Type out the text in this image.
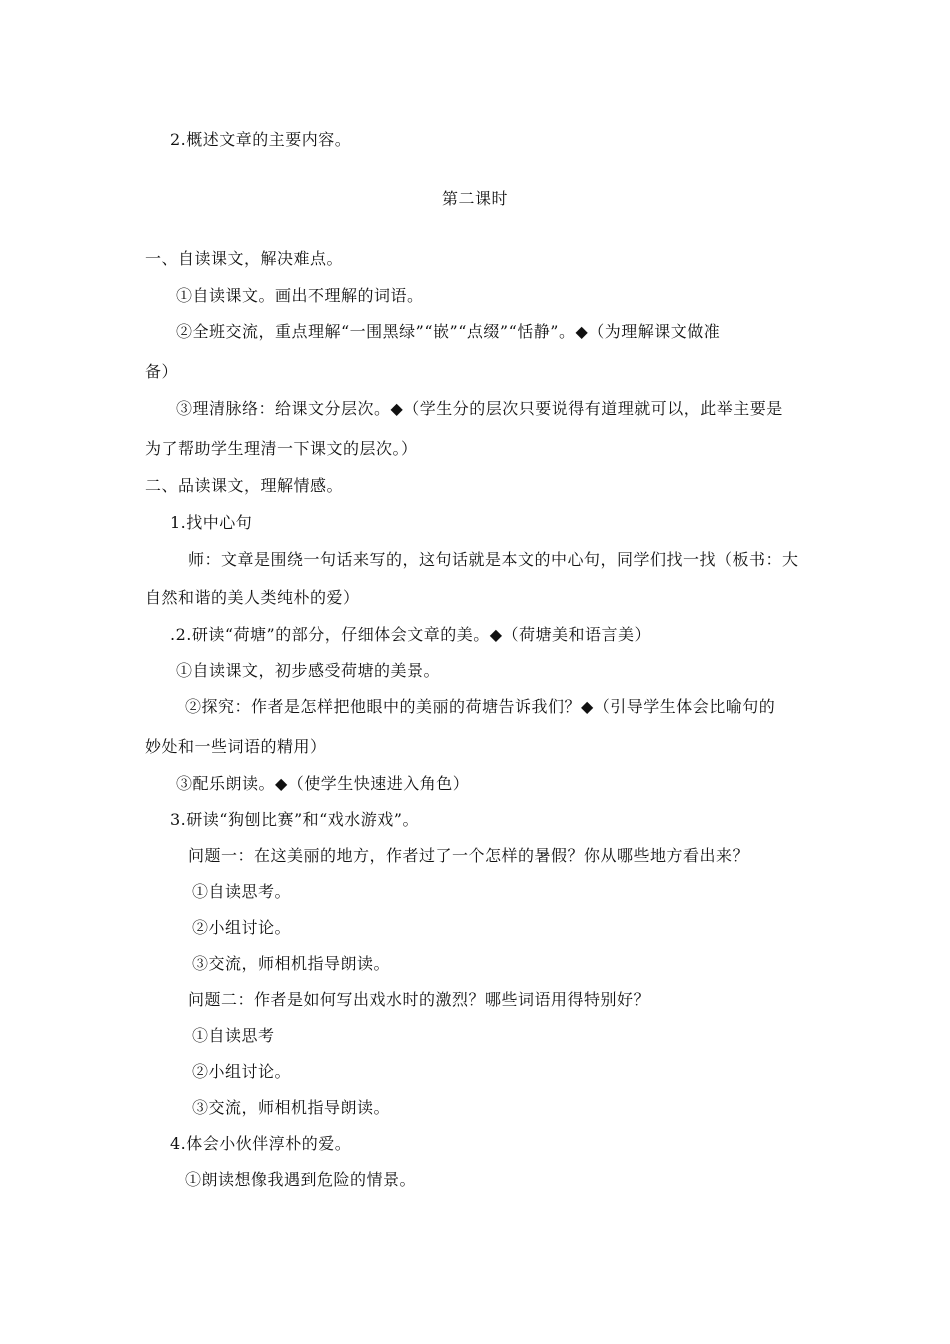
2.概述文章的主要内容。
第二课时
一、自读课文，解决难点。
①自读课文。画出不理解的词语。
②全班交流，重点理解“一围黑绿”“嵌”“点缀”“恬静”。◆（为理解课文做准
备）
③理清脉络：给课文分层次。◆（学生分的层次只要说得有道理就可以，此举主要是
为了帮助学生理清一下课文的层次。）
二、品读课文，理解情感。
1.找中心句
师：文章是围绕一句话来写的，这句话就是本文的中心句，同学们找一找（板书：大
自然和谐的美人类纯朴的爱）
.2.研读“荷塘”的部分，仔细体会文章的美。◆（荷塘美和语言美）
①自读课文，初步感受荷塘的美景。
②探究：作者是怎样把他眼中的美丽的荷塘告诉我们？◆（引导学生体会比喻句的
妙处和一些词语的精用）
③配乐朗读。◆（使学生快速进入角色）
3.研读“狗刨比赛”和“戏水游戏”。
问题一：在这美丽的地方，作者过了一个怎样的暑假？你从哪些地方看出来？
①自读思考。
②小组讨论。
③交流，师相机指导朗读。
问题二：作者是如何写出戏水时的激烈？哪些词语用得特别好？
①自读思考
②小组讨论。
③交流，师相机指导朗读。
4.体会小伙伴淳朴的爱。
①朗读想像我遇到危险的情景。
